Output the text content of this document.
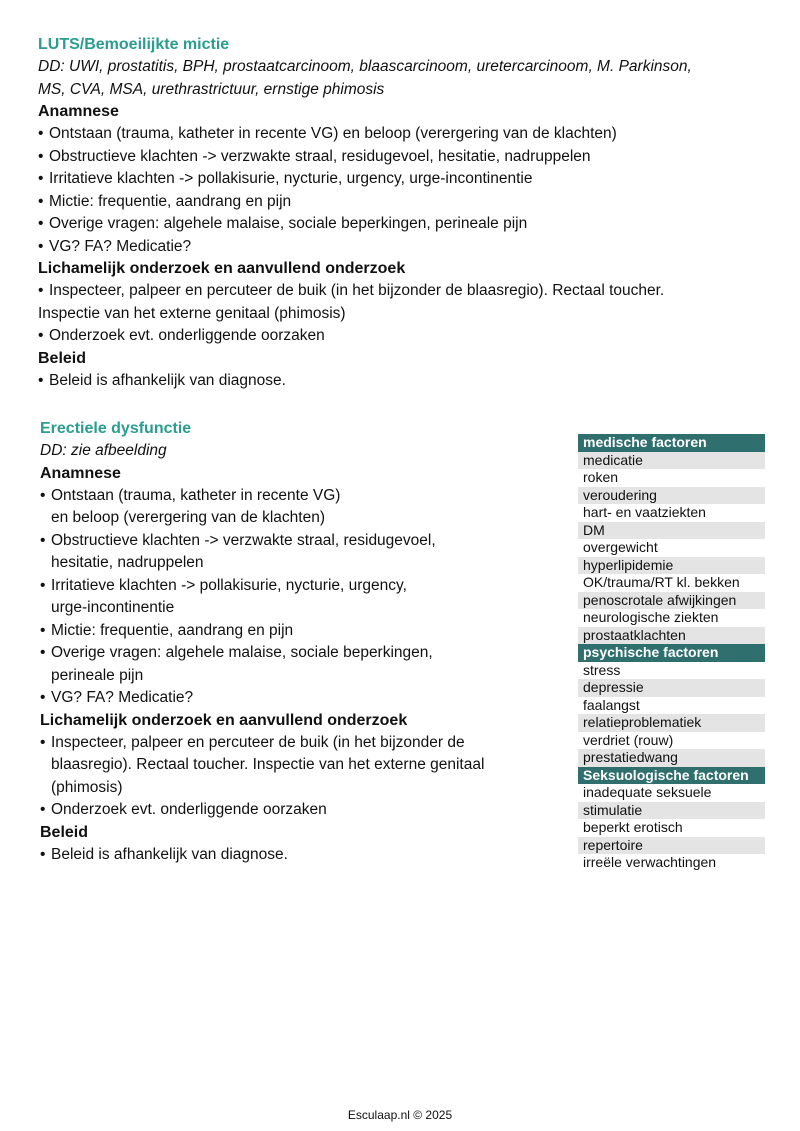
LUTS/Bemoeilijkte mictie
DD: UWI, prostatitis, BPH, prostaatcarcinoom, blaascarcinoom, uretercarcinoom, M. Parkinson,
MS, CVA, MSA, urethrastrictuur, ernstige phimosis
Anamnese
• Ontstaan (trauma, katheter in recente VG) en beloop (verergering van de klachten)
• Obstructieve klachten -> verzwakte straal, residugevoel, hesitatie, nadruppelen
• Irritatieve klachten -> pollakisurie, nycturie, urgency, urge-incontinentie
• Mictie: frequentie, aandrang en pijn
• Overige vragen: algehele malaise, sociale beperkingen, perineale pijn
• VG? FA? Medicatie?
Lichamelijk onderzoek en aanvullend onderzoek
• Inspecteer, palpeer en percuteer de buik (in het bijzonder de blaasregio). Rectaal toucher.
Inspectie van het externe genitaal (phimosis)
• Onderzoek evt. onderliggende oorzaken
Beleid
• Beleid is afhankelijk van diagnose.
Erectiele dysfunctie
DD: zie afbeelding
Anamnese
• Ontstaan (trauma, katheter in recente VG)
en beloop (verergering van de klachten)
• Obstructieve klachten -> verzwakte straal, residugevoel,
hesitatie, nadruppelen
• Irritatieve klachten -> pollakisurie, nycturie, urgency,
urge-incontinentie
• Mictie: frequentie, aandrang en pijn
• Overige vragen: algehele malaise, sociale beperkingen,
perineale pijn
• VG? FA? Medicatie?
Lichamelijk onderzoek en aanvullend onderzoek
• Inspecteer, palpeer en percuteer de buik (in het bijzonder de
blaasregio). Rectaal toucher. Inspectie van het externe genitaal
(phimosis)
• Onderzoek evt. onderliggende oorzaken
Beleid
• Beleid is afhankelijk van diagnose.
medische factoren
medicatie
roken
veroudering
hart- en vaatziekten
DM
overgewicht
hyperlipidemie
OK/trauma/RT kl. bekken
penoscrotale afwijkingen
neurologische ziekten
prostaatklachten
psychische factoren
stress
depressie
faalangst
relatieproblematiek
verdriet (rouw)
prestatiedwang
Seksuologische factoren
inadequate seksuele
stimulatie
beperkt erotisch
repertoire
irreële verwachtingen
Esculaap.nl © 2025
